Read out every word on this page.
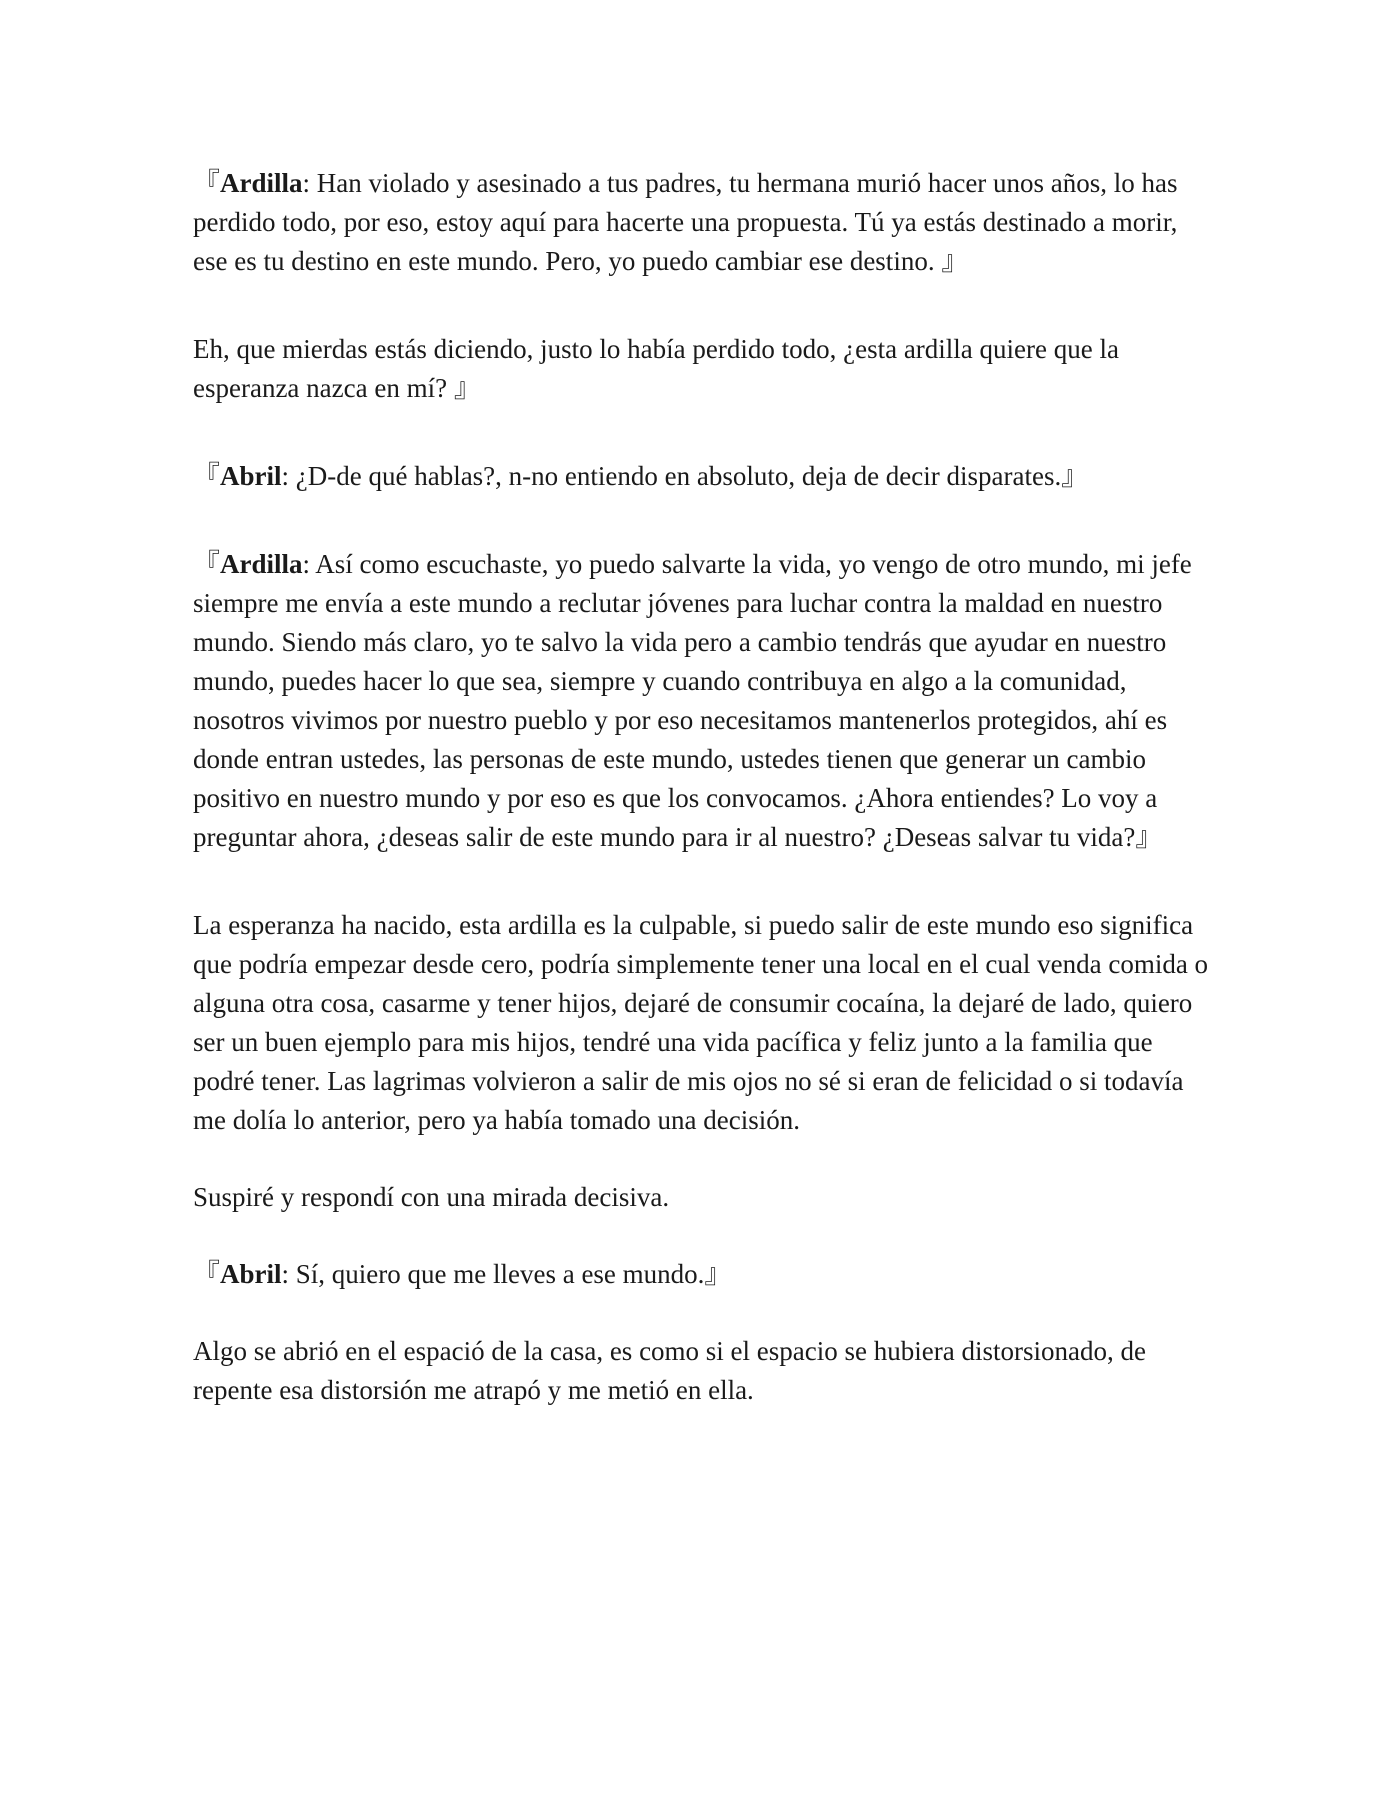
『Ardilla: Han violado y asesinado a tus padres, tu hermana murió hacer unos años, lo has perdido todo, por eso, estoy aquí para hacerte una propuesta. Tú ya estás destinado a morir, ese es tu destino en este mundo. Pero, yo puedo cambiar ese destino. 』

Eh, que mierdas estás diciendo, justo lo había perdido todo, ¿esta ardilla quiere que la esperanza nazca en mí? 』

『Abril: ¿D-de qué hablas?, n-no entiendo en absoluto, deja de decir disparates.』

『Ardilla: Así como escuchaste, yo puedo salvarte la vida, yo vengo de otro mundo, mi jefe siempre me envía a este mundo a reclutar jóvenes para luchar contra la maldad en nuestro mundo. Siendo más claro, yo te salvo la vida pero a cambio tendrás que ayudar en nuestro mundo, puedes hacer lo que sea, siempre y cuando contribuya en algo a la comunidad, nosotros vivimos por nuestro pueblo y por eso necesitamos mantenerlos protegidos, ahí es donde entran ustedes, las personas de este mundo, ustedes tienen que generar un cambio positivo en nuestro mundo y por eso es que los convocamos. ¿Ahora entiendes? Lo voy a preguntar ahora, ¿deseas salir de este mundo para ir al nuestro? ¿Deseas salvar tu vida?』

La esperanza ha nacido, esta ardilla es la culpable, si puedo salir de este mundo eso significa que podría empezar desde cero, podría simplemente tener una local en el cual venda comida o alguna otra cosa, casarme y tener hijos, dejaré de consumir cocaína, la dejaré de lado, quiero ser un buen ejemplo para mis hijos, tendré una vida pacífica y feliz junto a la familia que podré tener. Las lagrimas volvieron a salir de mis ojos no sé si eran de felicidad o si todavía me dolía lo anterior, pero ya había tomado una decisión.

Suspiré y respondí con una mirada decisiva.

『Abril: Sí, quiero que me lleves a ese mundo.』

Algo se abrió en el espació de la casa, es como si el espacio se hubiera distorsionado, de repente esa distorsión me atrapó y me metió en ella.
